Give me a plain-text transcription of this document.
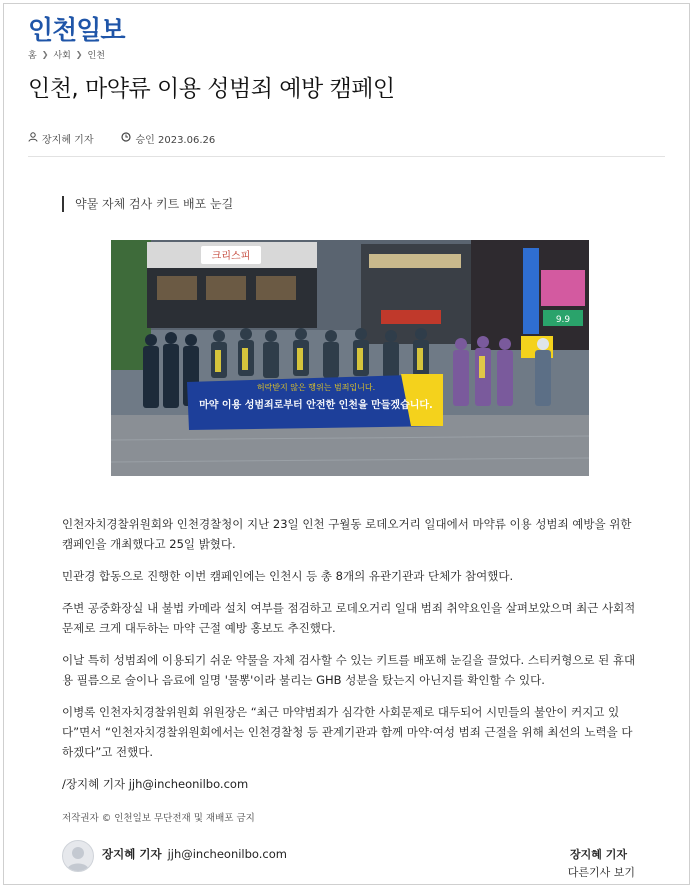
인천일보
홈 ❯ 사회 ❯ 인천
인천, 마약류 이용 성범죄 예방 캠페인
장지혜 기자	승인 2023.06.26
약물 자체 검사 키트 배포 눈길
크리스피
9.9
허락받지 않은 행위는 범죄입니다.
마약 이용 성범죄로부터 안전한 인천을 만들겠습니다.

인천자치경찰위원회와 인천경찰청이 지난 23일 인천 구월동 로데오거리 일대에서 마약류 이용 성범죄 예방을 위한 캠페인을 개최했다고 25일 밝혔다.

민관경 합동으로 진행한 이번 캠페인에는 인천시 등 총 8개의 유관기관과 단체가 참여했다.

주변 공중화장실 내 불법 카메라 설치 여부를 점검하고 로데오거리 일대 범죄 취약요인을 살펴보았으며 최근 사회적 문제로 크게 대두하는 마약 근절 예방 홍보도 추진했다.

이날 특히 성범죄에 이용되기 쉬운 약물을 자체 검사할 수 있는 키트를 배포해 눈길을 끌었다. 스티커형으로 된 휴대용 필름으로 술이나 음료에 일명 '물뽕'이라 불리는 GHB 성분을 탔는지 아닌지를 확인할 수 있다.

이병록 인천자치경찰위원회 위원장은 “최근 마약범죄가 심각한 사회문제로 대두되어 시민들의 불안이 커지고 있다”면서 “인천자치경찰위원회에서는 인천경찰청 등 관계기관과 함께 마약·여성 범죄 근절을 위해 최선의 노력을 다하겠다”고 전했다.

/장지혜 기자 jjh@incheonilbo.com
저작권자 © 인천일보 무단전재 및 재배포 금지
장지혜 기자 jjh@incheonilbo.com	장지혜 기자
다른기사 보기
